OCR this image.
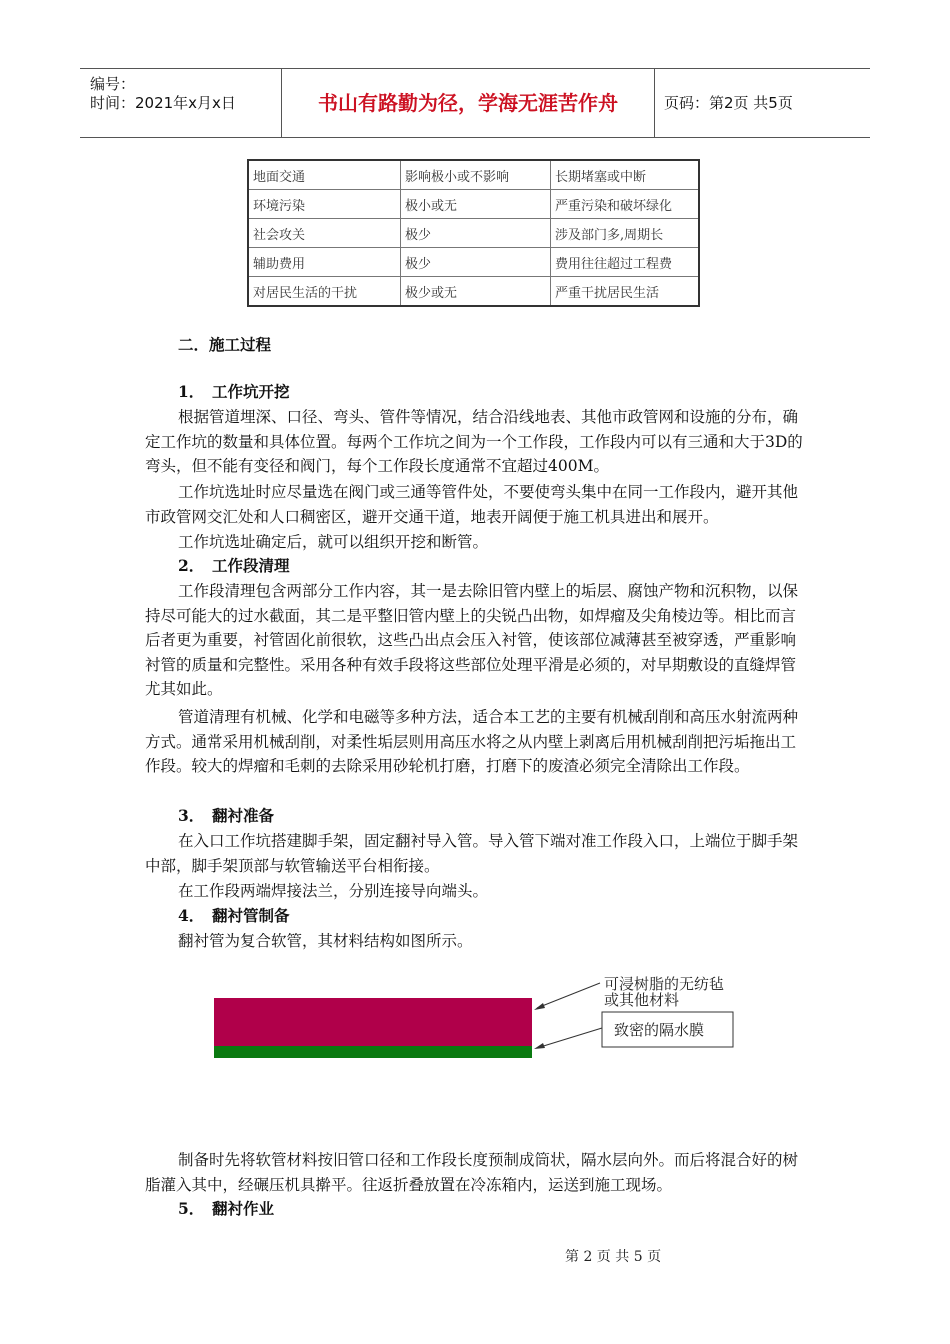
编号：
时间：2021年x月x日	书山有路勤为径，学海无涯苦作舟	页码：第2页 共5页
地面交通	影响极小或不影响	长期堵塞或中断
环境污染	极小或无	严重污染和破坏绿化
社会攻关	极少	涉及部门多,周期长
辅助费用	极少	费用往往超过工程费
对居民生活的干扰	极少或无	严重干扰居民生活
二．施工过程
1．　工作坑开挖
根据管道埋深、口径、弯头、管件等情况，结合沿线地表、其他市政管网和设施的分布，确定工作坑的数量和具体位置。每两个工作坑之间为一个工作段，工作段内可以有三通和大于3D的弯头，但不能有变径和阀门，每个工作段长度通常不宜超过400M。
工作坑选址时应尽量选在阀门或三通等管件处，不要使弯头集中在同一工作段内，避开其他市政管网交汇处和人口稠密区，避开交通干道，地表开阔便于施工机具进出和展开。
工作坑选址确定后，就可以组织开挖和断管。
2．　工作段清理
工作段清理包含两部分工作内容，其一是去除旧管内壁上的垢层、腐蚀产物和沉积物，以保持尽可能大的过水截面，其二是平整旧管内壁上的尖锐凸出物，如焊瘤及尖角棱边等。相比而言后者更为重要，衬管固化前很软，这些凸出点会压入衬管，使该部位减薄甚至被穿透，严重影响衬管的质量和完整性。采用各种有效手段将这些部位处理平滑是必须的，对早期敷设的直缝焊管尤其如此。
管道清理有机械、化学和电磁等多种方法，适合本工艺的主要有机械刮削和高压水射流两种方式。通常采用机械刮削，对柔性垢层则用高压水将之从内壁上剥离后用机械刮削把污垢拖出工作段。较大的焊瘤和毛刺的去除采用砂轮机打磨，打磨下的废渣必须完全清除出工作段。
3．　翻衬准备
在入口工作坑搭建脚手架，固定翻衬导入管。导入管下端对准工作段入口，上端位于脚手架中部，脚手架顶部与软管输送平台相衔接。
在工作段两端焊接法兰，分别连接导向端头。
4．　翻衬管制备
翻衬管为复合软管，其材料结构如图所示。
可浸树脂的无纺毡
或其他材料
致密的隔水膜
制备时先将软管材料按旧管口径和工作段长度预制成筒状，隔水层向外。而后将混合好的树脂灌入其中，经碾压机具擀平。往返折叠放置在冷冻箱内，运送到施工现场。
5．　翻衬作业
第 2 页 共 5 页
